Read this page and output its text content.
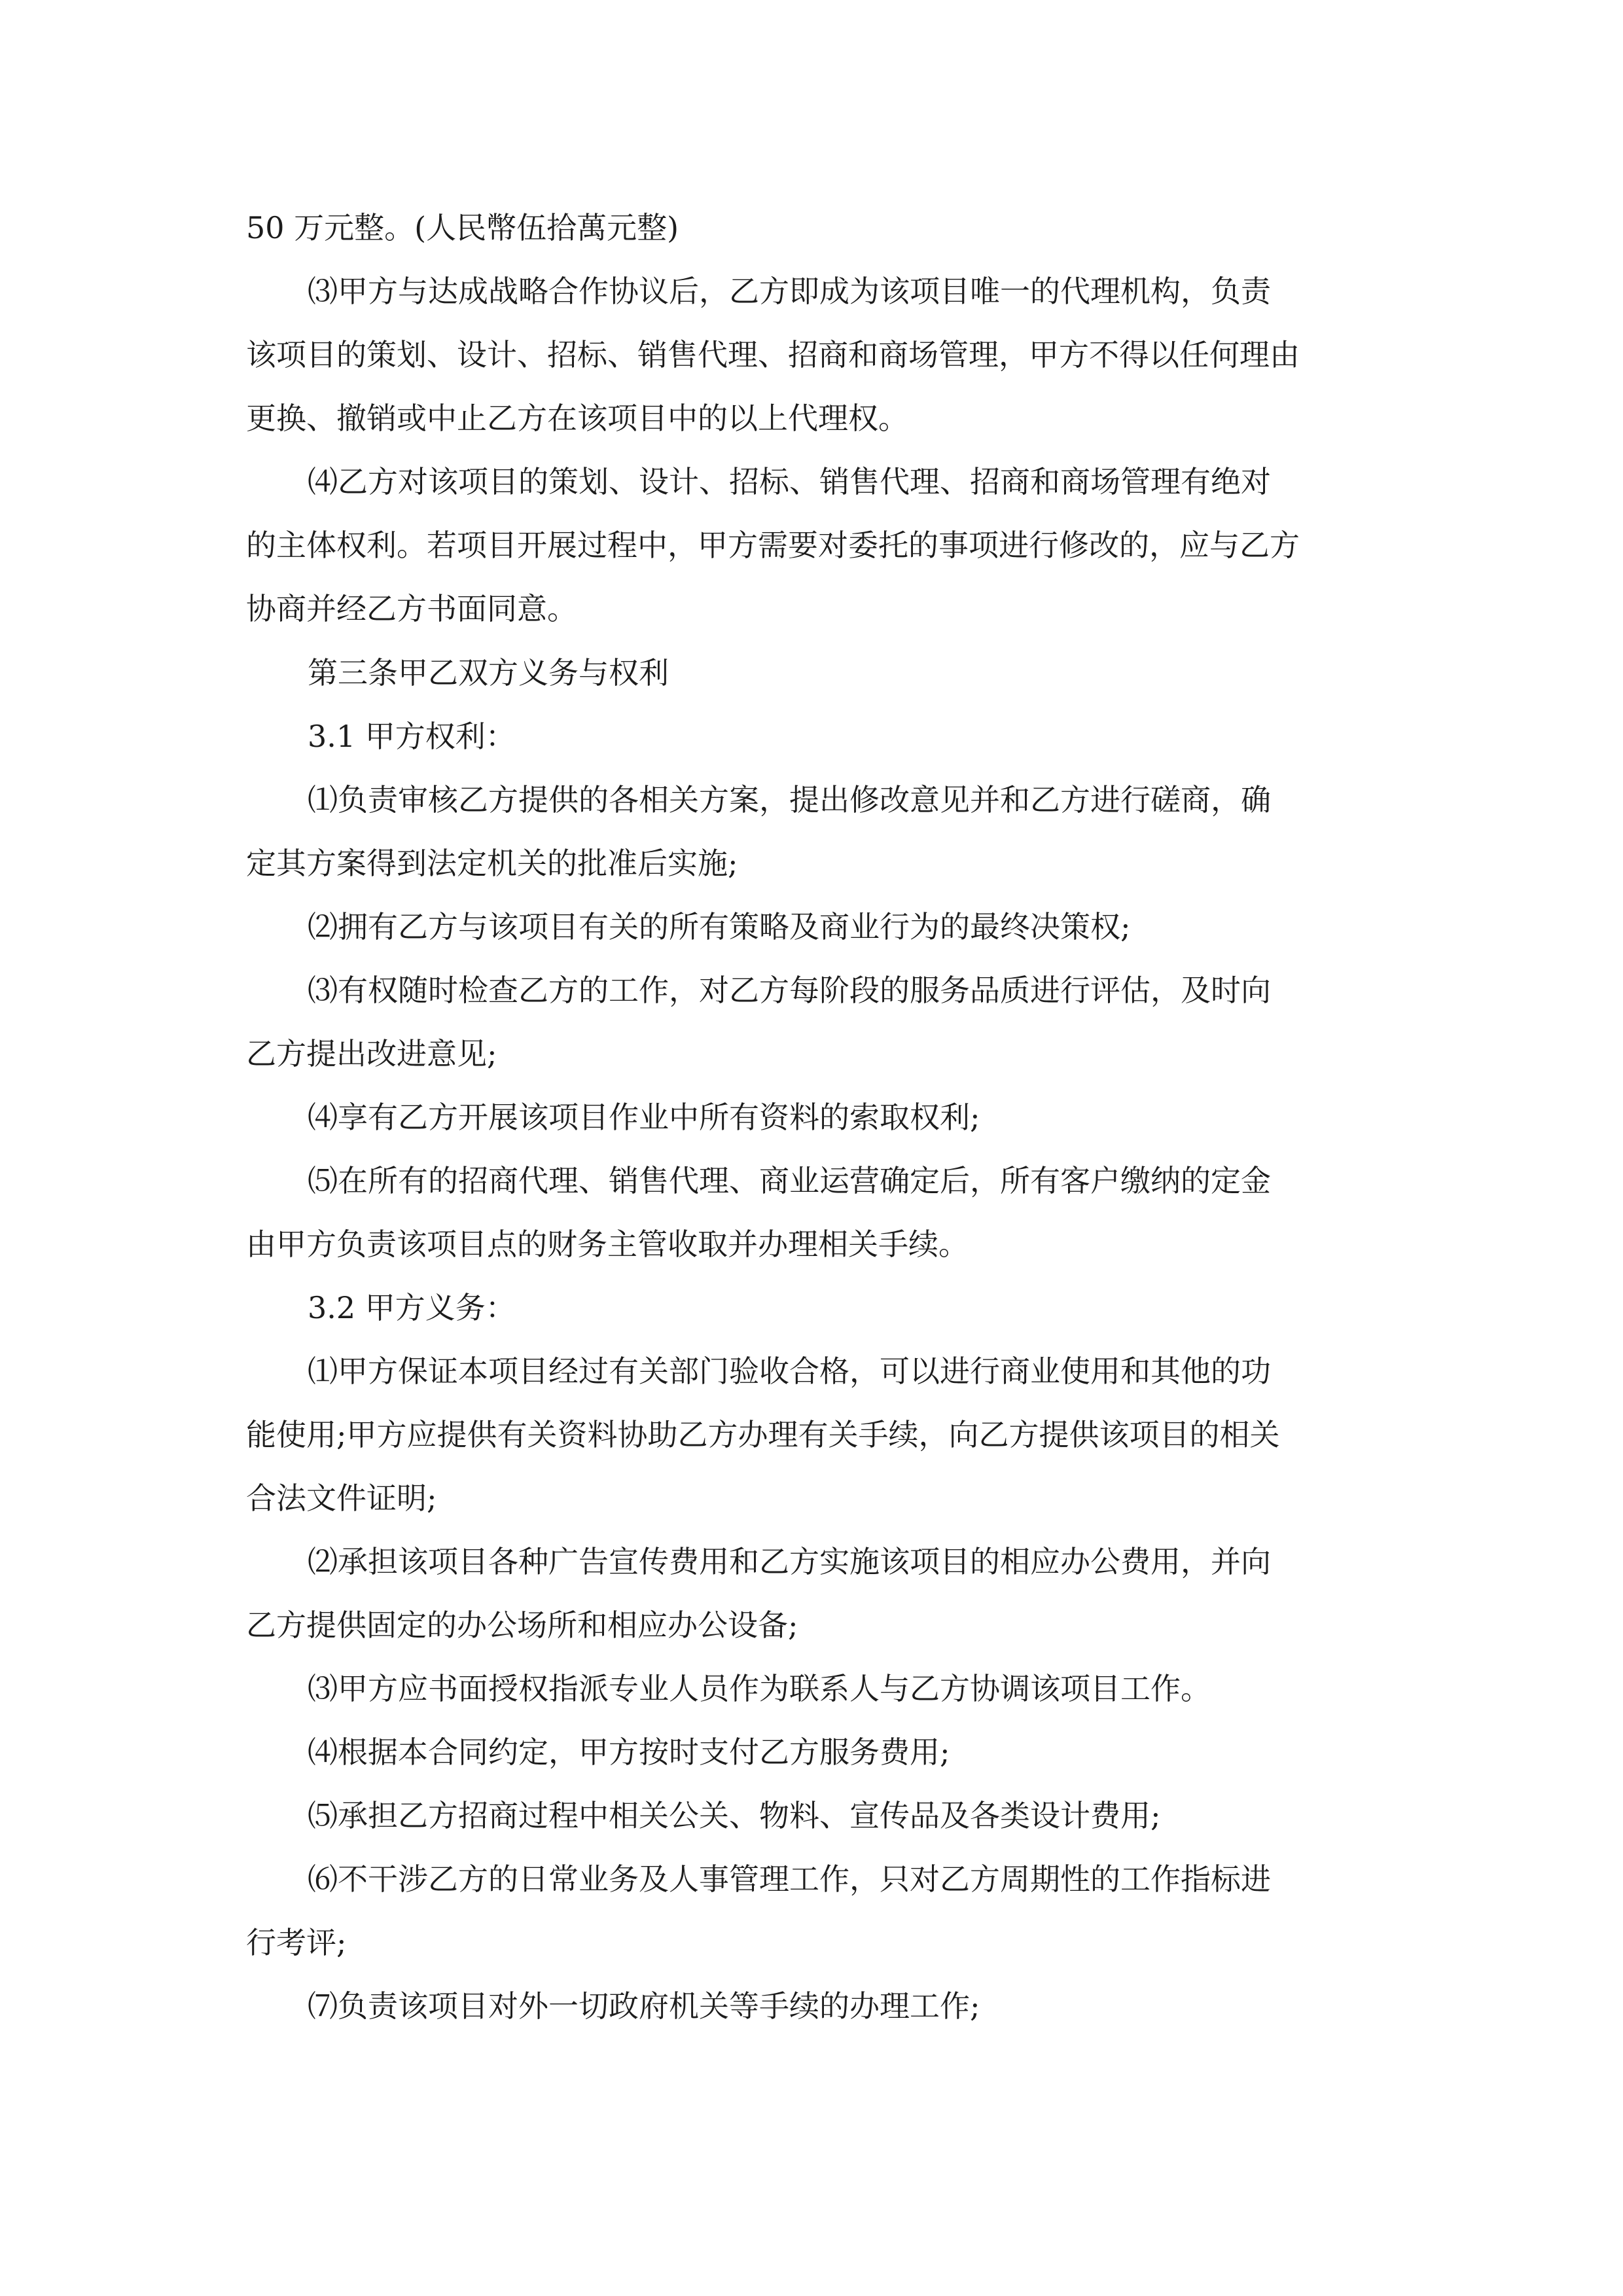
50 万元整。(人民幣伍拾萬元整)

⑶甲方与达成战略合作协议后，乙方即成为该项目唯一的代理机构，负责

该项目的策划、设计、招标、销售代理、招商和商场管理，甲方不得以任何理由

更换、撤销或中止乙方在该项目中的以上代理权。

⑷乙方对该项目的策划、设计、招标、销售代理、招商和商场管理有绝对

的主体权利。若项目开展过程中，甲方需要对委托的事项进行修改的，应与乙方

协商并经乙方书面同意。

第三条甲乙双方义务与权利

3.1 甲方权利：

⑴负责审核乙方提供的各相关方案，提出修改意见并和乙方进行磋商，确

定其方案得到法定机关的批准后实施;

⑵拥有乙方与该项目有关的所有策略及商业行为的最终决策权;

⑶有权随时检查乙方的工作，对乙方每阶段的服务品质进行评估，及时向

乙方提出改进意见;

⑷享有乙方开展该项目作业中所有资料的索取权利;

⑸在所有的招商代理、销售代理、商业运营确定后，所有客户缴纳的定金

由甲方负责该项目点的财务主管收取并办理相关手续。

3.2 甲方义务：

⑴甲方保证本项目经过有关部门验收合格，可以进行商业使用和其他的功

能使用;甲方应提供有关资料协助乙方办理有关手续，向乙方提供该项目的相关

合法文件证明;

⑵承担该项目各种广告宣传费用和乙方实施该项目的相应办公费用，并向

乙方提供固定的办公场所和相应办公设备;

⑶甲方应书面授权指派专业人员作为联系人与乙方协调该项目工作。

⑷根据本合同约定，甲方按时支付乙方服务费用;

⑸承担乙方招商过程中相关公关、物料、宣传品及各类设计费用;

⑹不干涉乙方的日常业务及人事管理工作，只对乙方周期性的工作指标进

行考评;

⑺负责该项目对外一切政府机关等手续的办理工作;
